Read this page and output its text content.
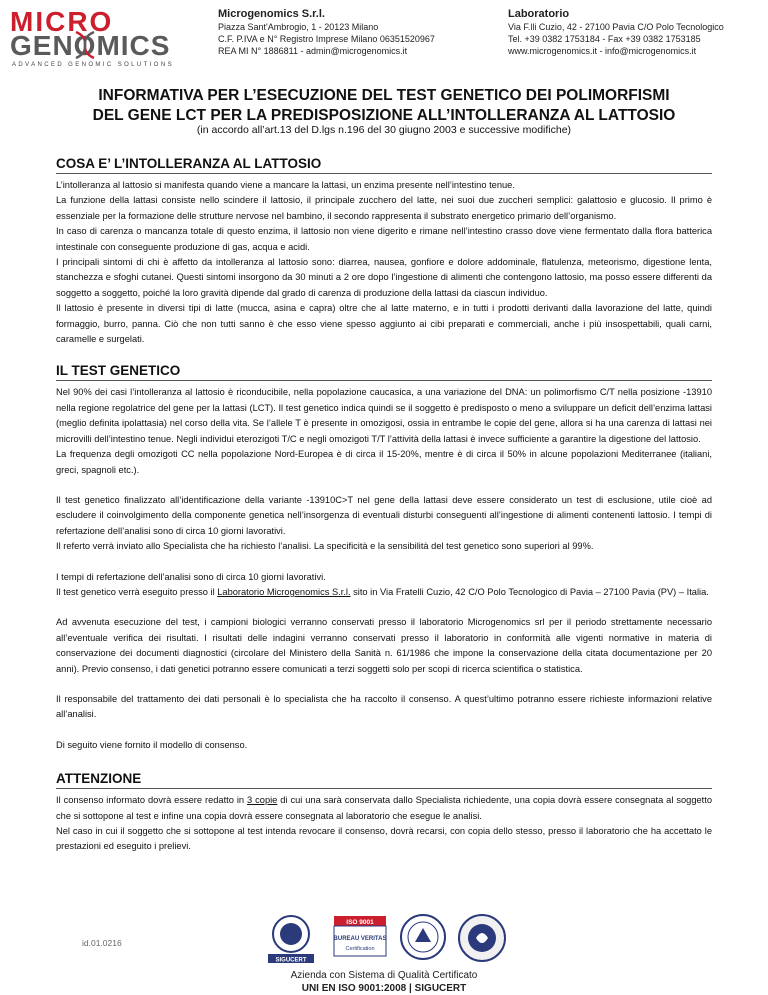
MICRO
GENOMICS
ADVANCED GENOMIC SOLUTIONS
Microgenomics S.r.l.
Piazza Sant'Ambrogio, 1 - 20123 Milano
C.F. P.IVA e N° Registro Imprese Milano 06351520967
REA MI N° 1886811 - admin@microgenomics.it
Laboratorio
Via F.lli Cuzio, 42 - 27100 Pavia C/O Polo Tecnologico
Tel. +39 0382 1753184 - Fax +39 0382 1753185
www.microgenomics.it - info@microgenomics.it
INFORMATIVA PER L’ESECUZIONE DEL TEST GENETICO DEI POLIMORFISMI
DEL GENE LCT PER LA PREDISPOSIZIONE ALL’INTOLLERANZA AL LATTOSIO
(in accordo all’art.13 del D.lgs n.196 del 30 giugno 2003 e successive modifiche)
COSA E’ L’INTOLLERANZA AL LATTOSIO

L’intolleranza al lattosio si manifesta quando viene a mancare la lattasi, un enzima presente nell’intestino tenue.

La funzione della lattasi consiste nello scindere il lattosio, il principale zucchero del latte, nei suoi due zuccheri semplici: galattosio e glucosio. Il primo è essenziale per la formazione delle strutture nervose nel bambino, il secondo rappresenta il substrato energetico primario dell’organismo.

In caso di carenza o mancanza totale di questo enzima, il lattosio non viene digerito e rimane nell’intestino crasso dove viene fermentato dalla flora batterica intestinale con conseguente produzione di gas, acqua e acidi.

I principali sintomi di chi è affetto da intolleranza al lattosio sono: diarrea, nausea, gonfiore e dolore addominale, flatulenza, meteorismo, digestione lenta, stanchezza e sfoghi cutanei. Questi sintomi insorgono da 30 minuti a 2 ore dopo l’ingestione di alimenti che contengono lattosio, ma posso essere differenti da soggetto a soggetto, poiché la loro gravità dipende dal grado di carenza di produzione della lattasi da ciascun individuo.

Il lattosio è presente in diversi tipi di latte (mucca, asina e capra) oltre che al latte materno, e in tutti i prodotti derivanti dalla lavorazione del latte, quindi formaggio, burro, panna. Ciò che non tutti sanno è che esso viene spesso aggiunto ai cibi preparati e commerciali, anche i più insospettabili, quali carni, caramelle e surgelati.

IL TEST GENETICO

Nel 90% dei casi l’intolleranza al lattosio è riconducibile, nella popolazione caucasica, a una variazione del DNA: un polimorfismo C/T nella posizione -13910 nella regione regolatrice del gene per la lattasi (LCT). Il test genetico indica quindi se il soggetto è predisposto o meno a sviluppare un deficit dell’enzima lattasi (meglio definita ipolattasia) nel corso della vita. Se l’allele T è presente in omozigosi, ossia in entrambe le copie del gene, allora si ha una carenza di lattasi nei microvilli dell’intestino tenue. Negli individui eterozigoti T/C e negli omozigoti T/T l’attività della lattasi è invece sufficiente a garantire la digestione del lattosio.

La frequenza degli omozigoti CC nella popolazione Nord-Europea è di circa il 15-20%, mentre è di circa il 50% in alcune popolazioni Mediterranee (italiani, greci, spagnoli etc.).

Il test genetico finalizzato all’identificazione della variante -13910C>T nel gene della lattasi deve essere considerato un test di esclusione, utile cioè ad escludere il coinvolgimento della componente genetica nell’insorgenza di eventuali disturbi conseguenti all’ingestione di alimenti contenenti lattosio. I tempi di refertazione dell’analisi sono di circa 10 giorni lavorativi.

Il referto verrà inviato allo Specialista che ha richiesto l’analisi. La specificità e la sensibilità del test genetico sono superiori al 99%.

I tempi di refertazione dell’analisi sono di circa 10 giorni lavorativi.

Il test genetico verrà eseguito presso il Laboratorio Microgenomics S.r.l. sito in Via Fratelli Cuzio, 42 C/O Polo Tecnologico di Pavia – 27100 Pavia (PV) – Italia.

Ad avvenuta esecuzione del test, i campioni biologici verranno conservati presso il laboratorio Microgenomics srl per il periodo strettamente necessario all’eventuale verifica dei risultati. I risultati delle indagini verranno conservati presso il laboratorio in conformità alle vigenti normative in materia di conservazione dei documenti diagnostici (circolare del Ministero della Sanità n. 61/1986 che impone la conservazione della citata documentazione per 20 anni). Previo consenso, i dati genetici potranno essere comunicati a terzi soggetti solo per scopi di ricerca scientifica o statistica.

Il responsabile del trattamento dei dati personali è lo specialista che ha raccolto il consenso. A quest’ultimo potranno essere richieste informazioni relative all’analisi.

Di seguito viene fornito il modello di consenso.

ATTENZIONE

Il consenso informato dovrà essere redatto in 3 copie di cui una sarà conservata dallo Specialista richiedente, una copia dovrà essere consegnata al soggetto che si sottopone al test e infine una copia dovrà essere consegnata al laboratorio che esegue le analisi.

Nel caso in cui il soggetto che si sottopone al test intenda revocare il consenso, dovrà recarsi, con copia dello stesso, presso il laboratorio che ha accettato le prestazioni ed eseguito i prelievi.

id.01.0216
SIGUCERT
ISO 9001
BUREAU VERITAS
Certification
Azienda con Sistema di Qualità Certificato
UNI EN ISO 9001:2008 | SIGUCERT
